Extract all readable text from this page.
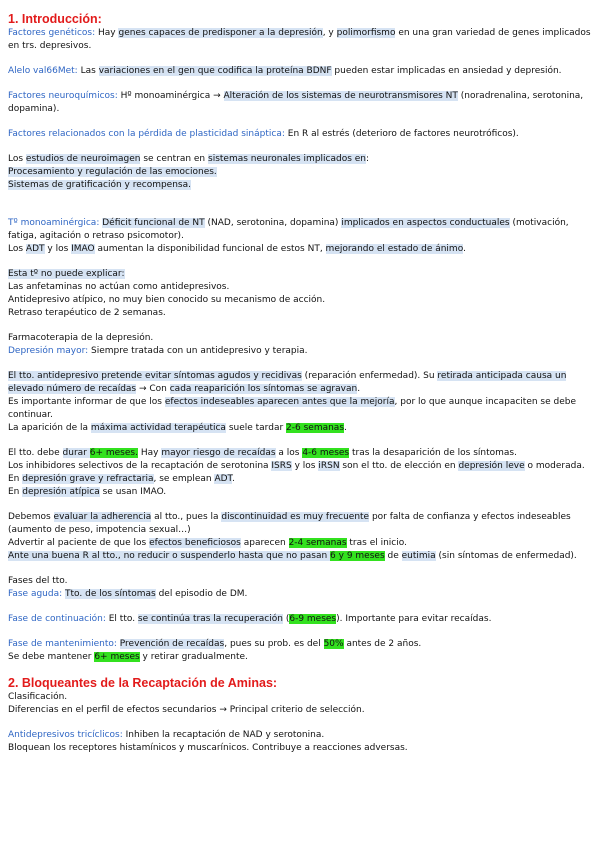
1. Introducción:

Factores genéticos: Hay genes capaces de predisponer a la depresión, y polimorfismo en una gran variedad de genes implicados en trs. depresivos.

Alelo val66Met: Las variaciones en el gen que codifica la proteína BDNF pueden estar implicadas en ansiedad y depresión.

Factores neuroquímicos: Hº monoaminérgica → Alteración de los sistemas de neurotransmisores NT (noradrenalina, serotonina, dopamina).

Factores relacionados con la pérdida de plasticidad sináptica: En R al estrés (deterioro de factores neurotróficos).

Los estudios de neuroimagen se centran en sistemas neuronales implicados en:

Procesamiento y regulación de las emociones.

Sistemas de gratificación y recompensa.

Tº monoaminérgica: Déficit funcional de NT (NAD, serotonina, dopamina) implicados en aspectos conductuales (motivación, fatiga, agitación o retraso psicomotor).

Los ADT y los IMAO aumentan la disponibilidad funcional de estos NT, mejorando el estado de ánimo.

Esta tº no puede explicar:

Las anfetaminas no actúan como antidepresivos.

Antidepresivo atípico, no muy bien conocido su mecanismo de acción.

Retraso terapéutico de 2 semanas.

Farmacoterapia de la depresión.

Depresión mayor: Siempre tratada con un antidepresivo y terapia.

El tto. antidepresivo pretende evitar síntomas agudos y recidivas (reparación enfermedad). Su retirada anticipada causa un elevado número de recaídas → Con cada reaparición los síntomas se agravan.

Es importante informar de que los efectos indeseables aparecen antes que la mejoría, por lo que aunque incapaciten se debe continuar.

La aparición de la máxima actividad terapéutica suele tardar 2-6 semanas.

El tto. debe durar 6+ meses. Hay mayor riesgo de recaídas a los 4-6 meses tras la desaparición de los síntomas.

Los inhibidores selectivos de la recaptación de serotonina ISRS y los iRSN son el tto. de elección en depresión leve o moderada.

En depresión grave y refractaria, se emplean ADT.

En depresión atípica se usan IMAO.

Debemos evaluar la adherencia al tto., pues la discontinuidad es muy frecuente por falta de confianza y efectos indeseables (aumento de peso, impotencia sexual…)

Advertir al paciente de que los efectos beneficiosos aparecen 2-4 semanas tras el inicio.

Ante una buena R al tto., no reducir o suspenderlo hasta que no pasan 6 y 9 meses de eutimia (sin síntomas de enfermedad).

Fases del tto.

Fase aguda: Tto. de los síntomas del episodio de DM.

Fase de continuación: El tto. se continúa tras la recuperación (6-9 meses). Importante para evitar recaídas.

Fase de mantenimiento: Prevención de recaídas, pues su prob. es del 50% antes de 2 años.

Se debe mantener 6+ meses y retirar gradualmente.

2. Bloqueantes de la Recaptación de Aminas:

Clasificación.

Diferencias en el perfil de efectos secundarios → Principal criterio de selección.

Antidepresivos tricíclicos: Inhiben la recaptación de NAD y serotonina.

Bloquean los receptores histamínicos y muscarínicos. Contribuye a reacciones adversas.
